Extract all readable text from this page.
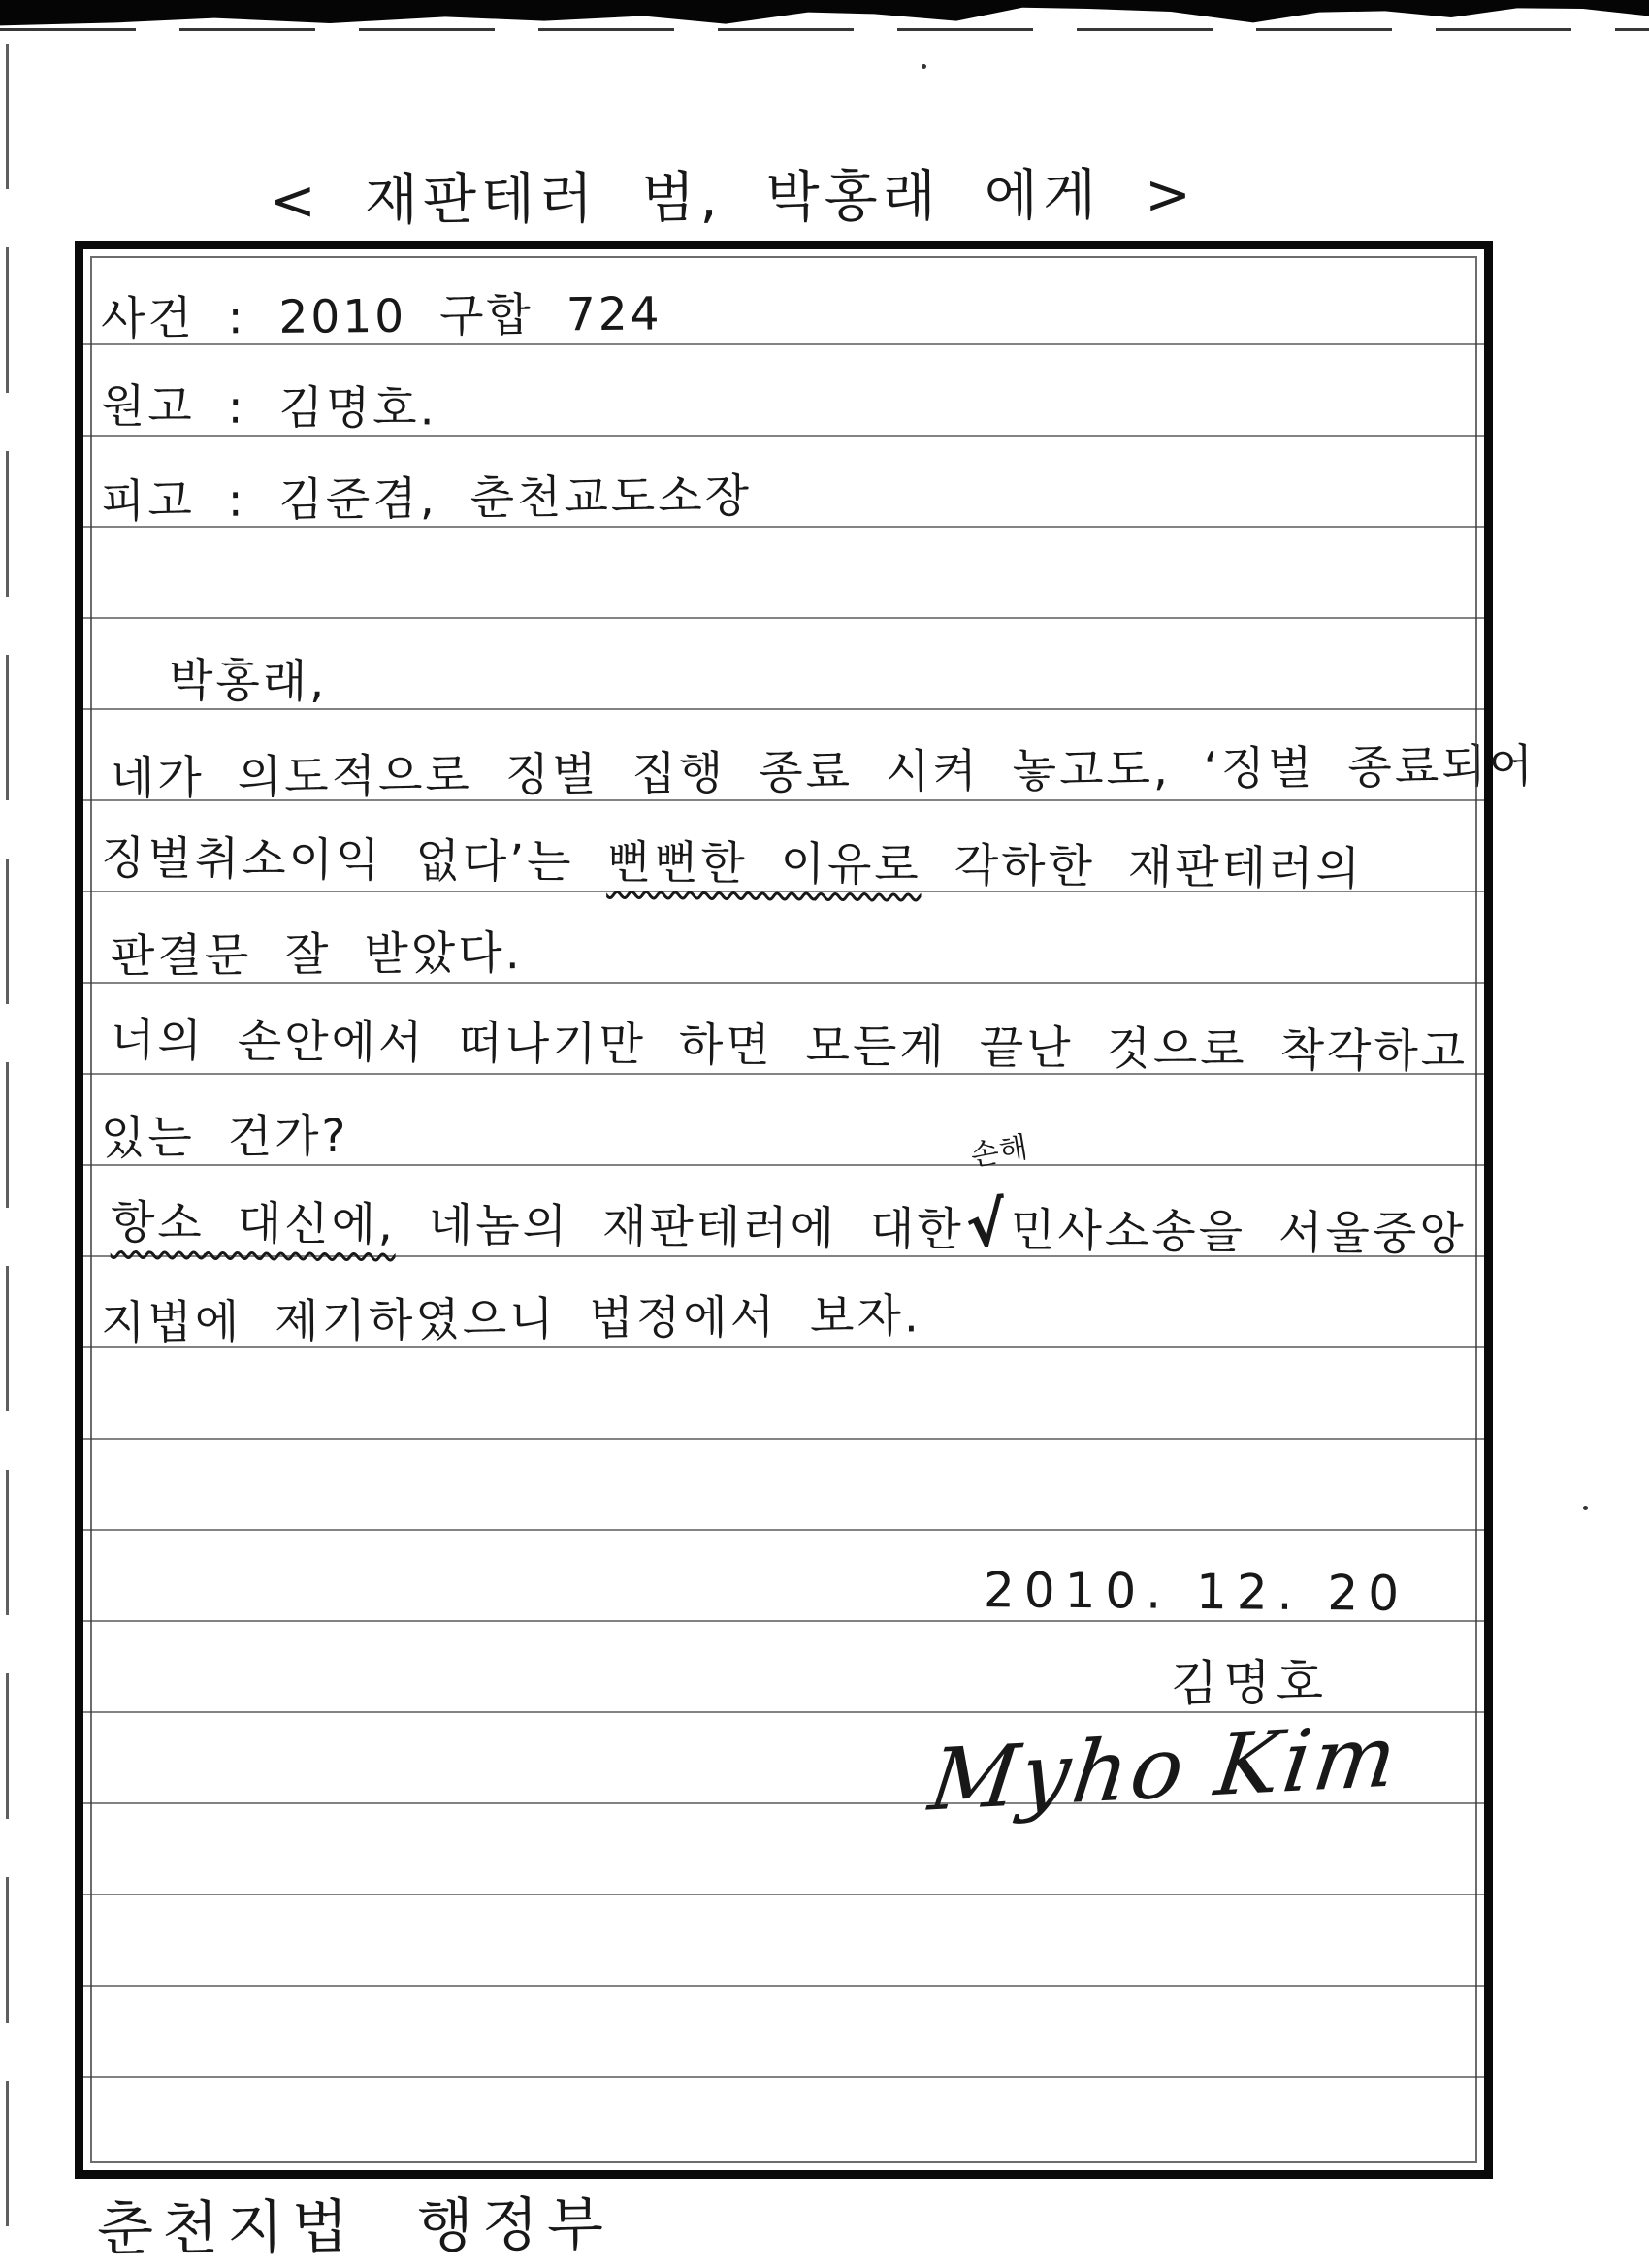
< 재판테러 범, 박홍래 에게 >
사건 : 2010 구합 724
원고 : 김명호.
피고 : 김준겸, 춘천교도소장
박홍래,
네가 의도적으로 징벌 집행 종료 시켜 놓고도, ‘징벌 종료되어
징벌취소이익 없다’는 뻔뻔한 이유로 각하한 재판테러의
판결문 잘 받았다.
너의 손안에서 떠나기만 하면 모든게 끝난 것으로 착각하고
있는 건가?
항소 대신에, 네놈의 재판테러에 대한√
손해
민사소송을 서울중앙
지법에 제기하였으니 법정에서 보자.
2010. 12. 20
김명호
Myho Kim
춘천지법 행정부
